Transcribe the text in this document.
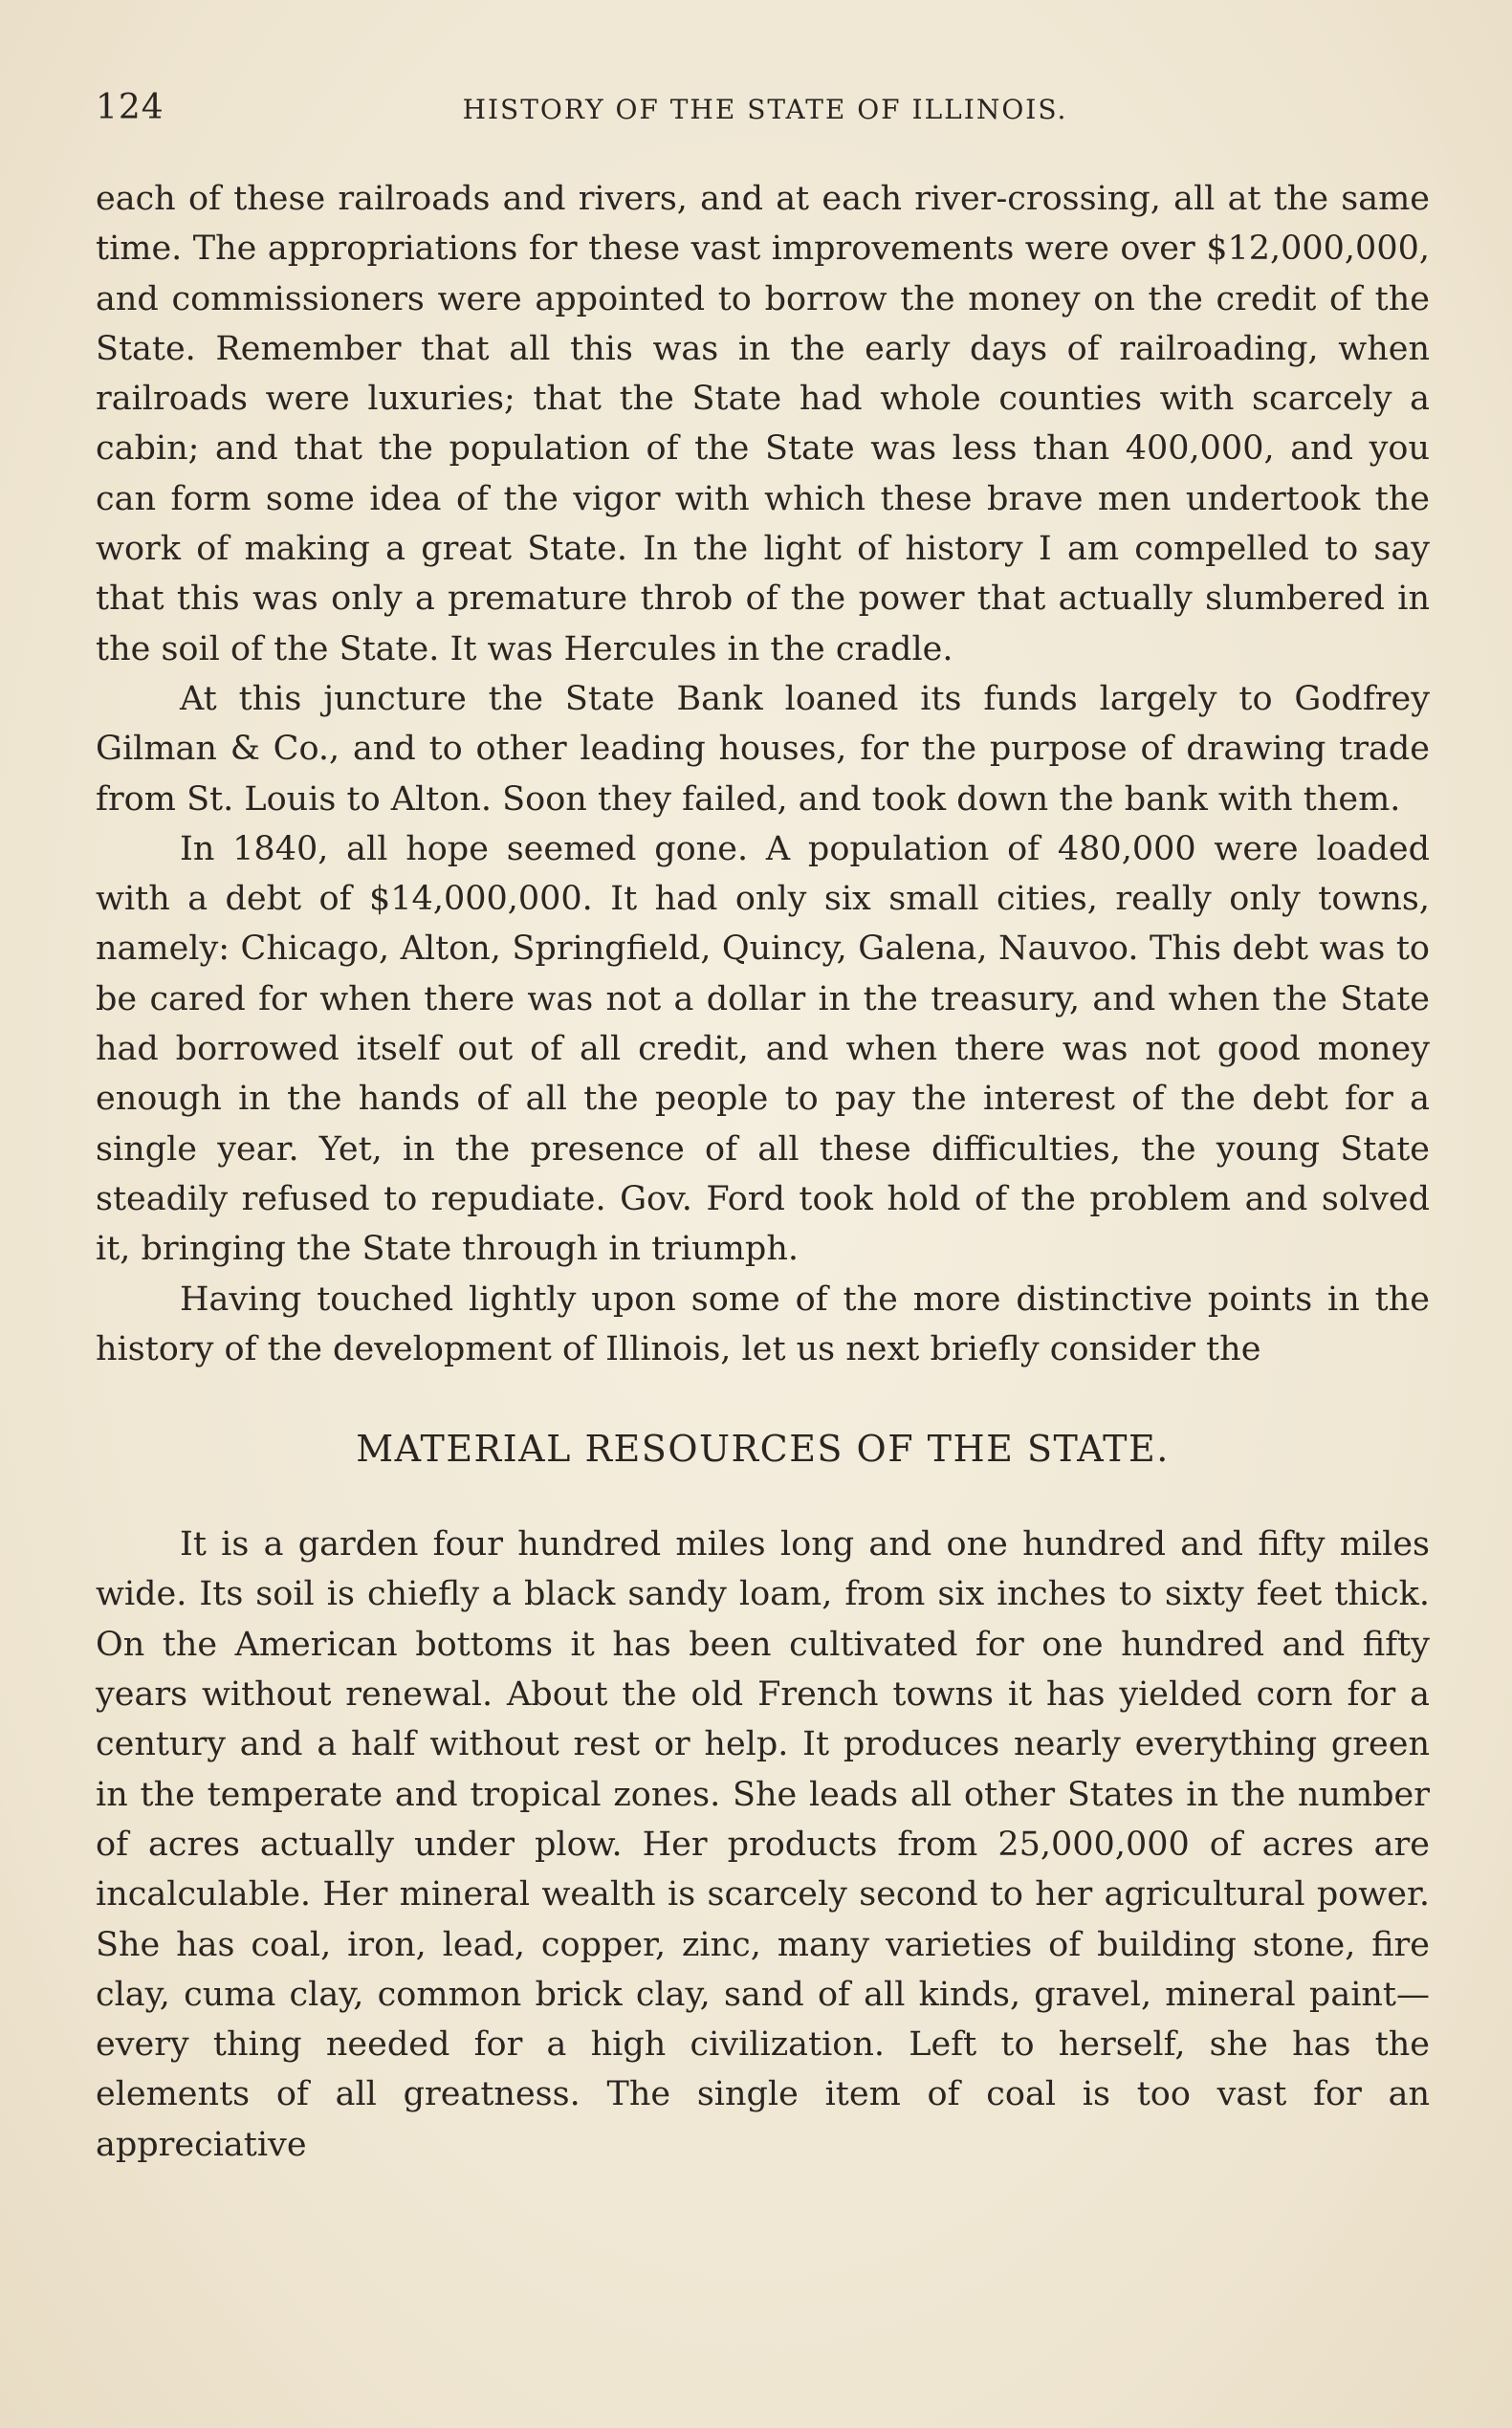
124	HISTORY OF THE STATE OF ILLINOIS.

each of these railroads and rivers, and at each river-crossing, all at the same time. The appropriations for these vast improvements were over $12,000,000, and commissioners were appointed to borrow the money on the credit of the State. Remember that all this was in the early days of railroading, when railroads were luxuries; that the State had whole counties with scarcely a cabin; and that the population of the State was less than 400,000, and you can form some idea of the vigor with which these brave men undertook the work of making a great State. In the light of history I am compelled to say that this was only a premature throb of the power that actually slumbered in the soil of the State. It was Hercules in the cradle.

At this juncture the State Bank loaned its funds largely to Godfrey Gilman & Co., and to other leading houses, for the purpose of drawing trade from St. Louis to Alton. Soon they failed, and took down the bank with them.

In 1840, all hope seemed gone. A population of 480,000 were loaded with a debt of $14,000,000. It had only six small cities, really only towns, namely: Chicago, Alton, Springfield, Quincy, Galena, Nauvoo. This debt was to be cared for when there was not a dollar in the treasury, and when the State had borrowed itself out of all credit, and when there was not good money enough in the hands of all the people to pay the interest of the debt for a single year. Yet, in the presence of all these difficulties, the young State steadily refused to repudiate. Gov. Ford took hold of the problem and solved it, bringing the State through in triumph.

Having touched lightly upon some of the more distinctive points in the history of the development of Illinois, let us next briefly consider the

MATERIAL RESOURCES OF THE STATE.

It is a garden four hundred miles long and one hundred and fifty miles wide. Its soil is chiefly a black sandy loam, from six inches to sixty feet thick. On the American bottoms it has been cultivated for one hundred and fifty years without renewal. About the old French towns it has yielded corn for a century and a half without rest or help. It produces nearly everything green in the temperate and tropical zones. She leads all other States in the number of acres actually under plow. Her products from 25,000,000 of acres are incalculable. Her mineral wealth is scarcely second to her agricultural power. She has coal, iron, lead, copper, zinc, many varieties of building stone, fire clay, cuma clay, common brick clay, sand of all kinds, gravel, mineral paint—every thing needed for a high civilization. Left to herself, she has the elements of all greatness. The single item of coal is too vast for an appreciative
